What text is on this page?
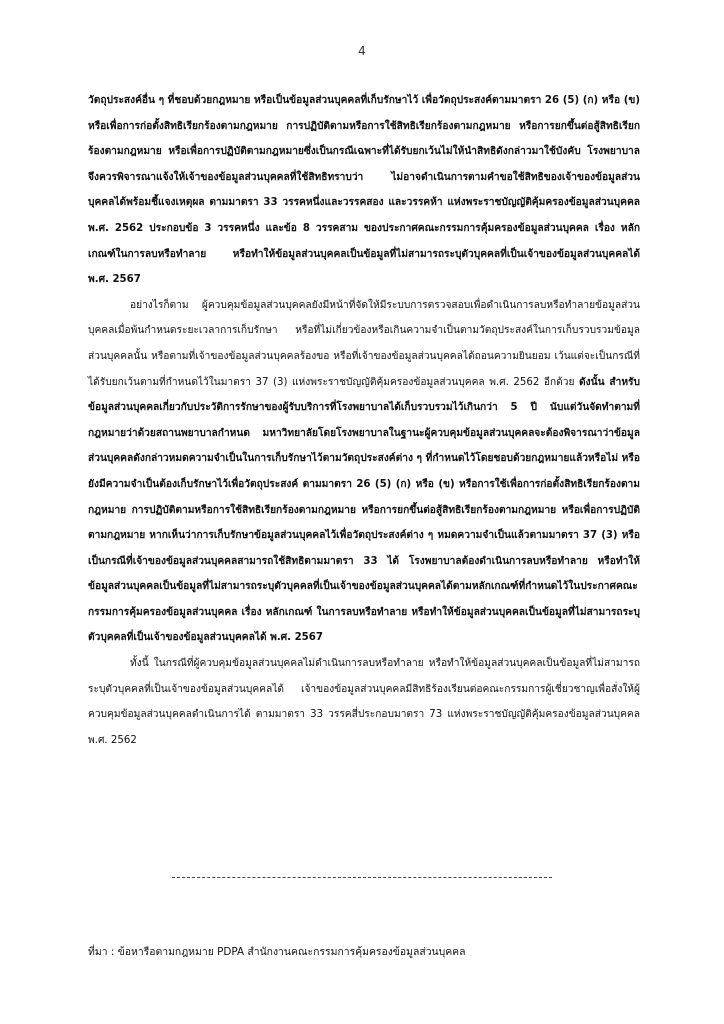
4

วัตถุประสงค์อื่น ๆ ที่ชอบด้วยกฎหมาย หรือเป็นข้อมูลส่วนบุคคลที่เก็บรักษาไว้ เพื่อวัตถุประสงค์ตามมาตรา 26 (5) (ก) หรือ (ข) หรือเพื่อการก่อตั้งสิทธิเรียกร้องตามกฎหมาย การปฏิบัติตามหรือการใช้สิทธิเรียกร้องตามกฎหมาย หรือการยกขึ้นต่อสู้สิทธิเรียกร้องตามกฎหมาย หรือเพื่อการปฏิบัติตามกฎหมายซึ่งเป็นกรณีเฉพาะที่ได้รับยกเว้นไม่ให้นำสิทธิดังกล่าวมาใช้บังคับ โรงพยาบาลจึงควรพิจารณาแจ้งให้เจ้าของข้อมูลส่วนบุคคลที่ใช้สิทธิทราบว่า ไม่อาจดำเนินการตามคำขอใช้สิทธิของเจ้าของข้อมูลส่วนบุคคลได้พร้อมชี้แจงเหตุผล ตามมาตรา 33 วรรคหนึ่งและวรรคสอง และวรรคห้า แห่งพระราชบัญญัติคุ้มครองข้อมูลส่วนบุคคล พ.ศ. 2562 ประกอบข้อ 3 วรรคหนึ่ง และข้อ 8 วรรคสาม ของประกาศคณะกรรมการคุ้มครองข้อมูลส่วนบุคคล เรื่อง หลักเกณฑ์ในการลบหรือทำลาย หรือทำให้ข้อมูลส่วนบุคคลเป็นข้อมูลที่ไม่สามารถระบุตัวบุคคลที่เป็นเจ้าของข้อมูลส่วนบุคคลได้ พ.ศ. 2567

อย่างไรก็ตาม ผู้ควบคุมข้อมูลส่วนบุคคลยังมีหน้าที่จัดให้มีระบบการตรวจสอบเพื่อดำเนินการลบหรือทำลายข้อมูลส่วนบุคคลเมื่อพ้นกำหนดระยะเวลาการเก็บรักษา หรือที่ไม่เกี่ยวข้องหรือเกินความจำเป็นตามวัตถุประสงค์ในการเก็บรวบรวมข้อมูลส่วนบุคคลนั้น หรือตามที่เจ้าของข้อมูลส่วนบุคคลร้องขอ หรือที่เจ้าของข้อมูลส่วนบุคคลได้ถอนความยินยอม เว้นแต่จะเป็นกรณีที่ได้รับยกเว้นตามที่กำหนดไว้ในมาตรา 37 (3) แห่งพระราชบัญญัติคุ้มครองข้อมูลส่วนบุคคล พ.ศ. 2562 อีกด้วย ดังนั้น สำหรับข้อมูลส่วนบุคคลเกี่ยวกับประวัติการรักษาของผู้รับบริการที่โรงพยาบาลได้เก็บรวบรวมไว้เกินกว่า 5 ปี นับแต่วันจัดทำตามที่กฎหมายว่าด้วยสถานพยาบาลกำหนด มหาวิทยาลัยโดยโรงพยาบาลในฐานะผู้ควบคุมข้อมูลส่วนบุคคลจะต้องพิจารณาว่าข้อมูลส่วนบุคคลดังกล่าวหมดความจำเป็นในการเก็บรักษาไว้ตามวัตถุประสงค์ต่าง ๆ ที่กำหนดไว้โดยชอบด้วยกฎหมายแล้วหรือไม่ หรือยังมีความจำเป็นต้องเก็บรักษาไว้เพื่อวัตถุประสงค์ ตามมาตรา 26 (5) (ก) หรือ (ข) หรือการใช้เพื่อการก่อตั้งสิทธิเรียกร้องตามกฎหมาย การปฏิบัติตามหรือการใช้สิทธิเรียกร้องตามกฎหมาย หรือการยกขึ้นต่อสู้สิทธิเรียกร้องตามกฎหมาย หรือเพื่อการปฏิบัติตามกฎหมาย หากเห็นว่าการเก็บรักษาข้อมูลส่วนบุคคลไว้เพื่อวัตถุประสงค์ต่าง ๆ หมดความจำเป็นแล้วตามมาตรา 37 (3) หรือเป็นกรณีที่เจ้าของข้อมูลส่วนบุคคลสามารถใช้สิทธิตามมาตรา 33 ได้ โรงพยาบาลต้องดำเนินการลบหรือทำลาย หรือทำให้ข้อมูลส่วนบุคคลเป็นข้อมูลที่ไม่สามารถระบุตัวบุคคลที่เป็นเจ้าของข้อมูลส่วนบุคคลได้ตามหลักเกณฑ์ที่กำหนดไว้ในประกาศคณะกรรมการคุ้มครองข้อมูลส่วนบุคคล เรื่อง หลักเกณฑ์ ในการลบหรือทำลาย หรือทำให้ข้อมูลส่วนบุคคลเป็นข้อมูลที่ไม่สามารถระบุตัวบุคคลที่เป็นเจ้าของข้อมูลส่วนบุคคลได้ พ.ศ. 2567

ทั้งนี้ ในกรณีที่ผู้ควบคุมข้อมูลส่วนบุคคลไม่ดำเนินการลบหรือทำลาย หรือทำให้ข้อมูลส่วนบุคคลเป็นข้อมูลที่ไม่สามารถระบุตัวบุคคลที่เป็นเจ้าของข้อมูลส่วนบุคคลได้ เจ้าของข้อมูลส่วนบุคคลมีสิทธิร้องเรียนต่อคณะกรรมการผู้เชี่ยวชาญเพื่อสั่งให้ผู้ควบคุมข้อมูลส่วนบุคคลดำเนินการได้ ตามมาตรา 33 วรรคสี่ประกอบมาตรา 73 แห่งพระราชบัญญัติคุ้มครองข้อมูลส่วนบุคคล พ.ศ. 2562

ที่มา : ข้อหารือตามกฎหมาย PDPA สำนักงานคณะกรรมการคุ้มครองข้อมูลส่วนบุคคล
